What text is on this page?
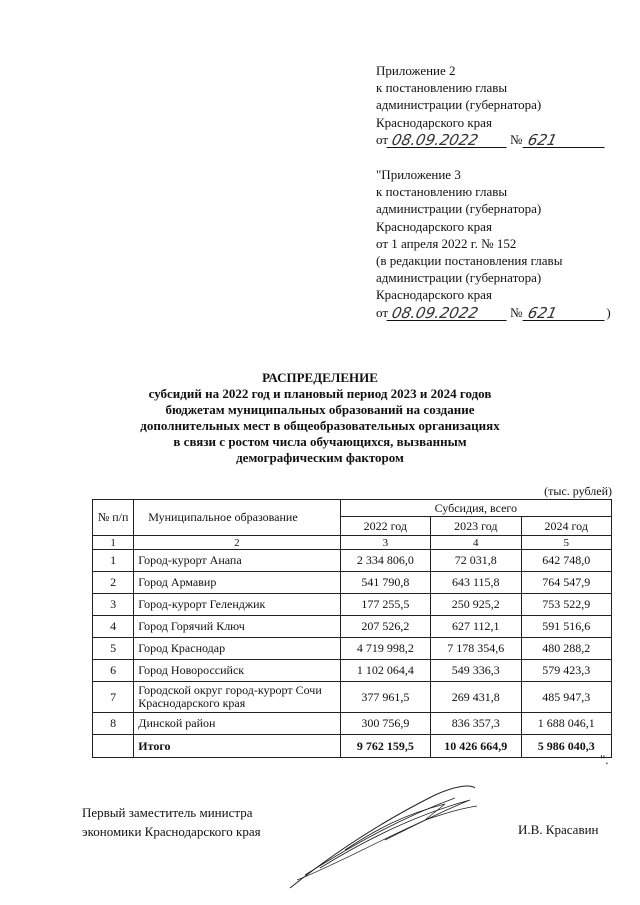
Приложение 2
к постановлению главы
администрации (губернатора)
Краснодарского края
от 08.09.2022	№ 621
"Приложение 3
к постановлению главы
администрации (губернатора)
Краснодарского края
от 1 апреля 2022 г. № 152
(в редакции постановления главы
администрации (губернатора)
Краснодарского края
от 08.09.2022	№ 621	)
РАСПРЕДЕЛЕНИЕ
субсидий на 2022 год и плановый период 2023 и 2024 годов
бюджетам муниципальных образований на создание
дополнительных мест в общеобразовательных организациях
в связи с ростом числа обучающихся, вызванным
демографическим фактором
(тыс. рублей)
№ п/п	Муниципальное образование	Субсидия, всего		
		2022 год	2023 год	2024 год
1	2	3	4	5
1	Город-курорт Анапа	2 334 806,0	72 031,8	642 748,0
2	Город Армавир	541 790,8	643 115,8	764 547,9
3	Город-курорт Геленджик	177 255,5	250 925,2	753 522,9
4	Город Горячий Ключ	207 526,2	627 112,1	591 516,6
5	Город Краснодар	4 719 998,2	7 178 354,6	480 288,2
6	Город Новороссийск	1 102 064,4	549 336,3	579 423,3
7	Городской округ город-курорт Сочи Краснодарского края	377 961,5	269 431,8	485 947,3
8	Динской район	300 756,9	836 357,3	1 688 046,1
	Итого	9 762 159,5	10 426 664,9	5 986 040,3
".
Первый заместитель министра
экономики Краснодарского края	И.В. Красавин
